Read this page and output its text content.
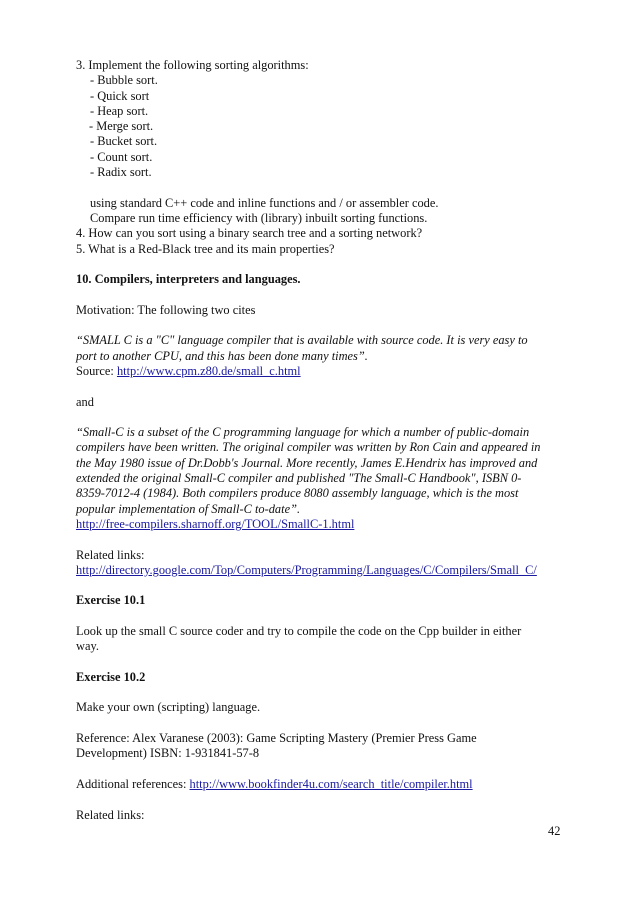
3. Implement the following sorting algorithms:
- Bubble sort.
- Quick sort
- Heap sort.
- Merge sort.
- Bucket sort.
- Count sort.
- Radix sort.
using standard C++ code and inline functions and / or assembler code.
Compare run time efficiency with (library) inbuilt sorting functions.
4. How can you sort using a binary search tree and a sorting network?
5. What is a Red-Black tree and its main properties?
10. Compilers, interpreters and languages.
Motivation: The following two cites
“SMALL C is a "C" language compiler that is available with source code. It is very easy to
port to another CPU, and this has been done many times”.
Source: http://www.cpm.z80.de/small_c.html
and
“Small-C is a subset of the C programming language for which a number of public-domain
compilers have been written. The original compiler was written by Ron Cain and appeared in
the May 1980 issue of Dr.Dobb's Journal. More recently, James E.Hendrix has improved and
extended the original Small-C compiler and published "The Small-C Handbook", ISBN 0-
8359-7012-4 (1984). Both compilers produce 8080 assembly language, which is the most
popular implementation of Small-C to-date”.
http://free-compilers.sharnoff.org/TOOL/SmallC-1.html
Related links:
http://directory.google.com/Top/Computers/Programming/Languages/C/Compilers/Small_C/
Exercise 10.1
Look up the small C source coder and try to compile the code on the Cpp builder in either
way.
Exercise 10.2
Make your own (scripting) language.
Reference: Alex Varanese (2003): Game Scripting Mastery (Premier Press Game
Development) ISBN: 1-931841-57-8
Additional references: http://www.bookfinder4u.com/search_title/compiler.html
Related links:
42
